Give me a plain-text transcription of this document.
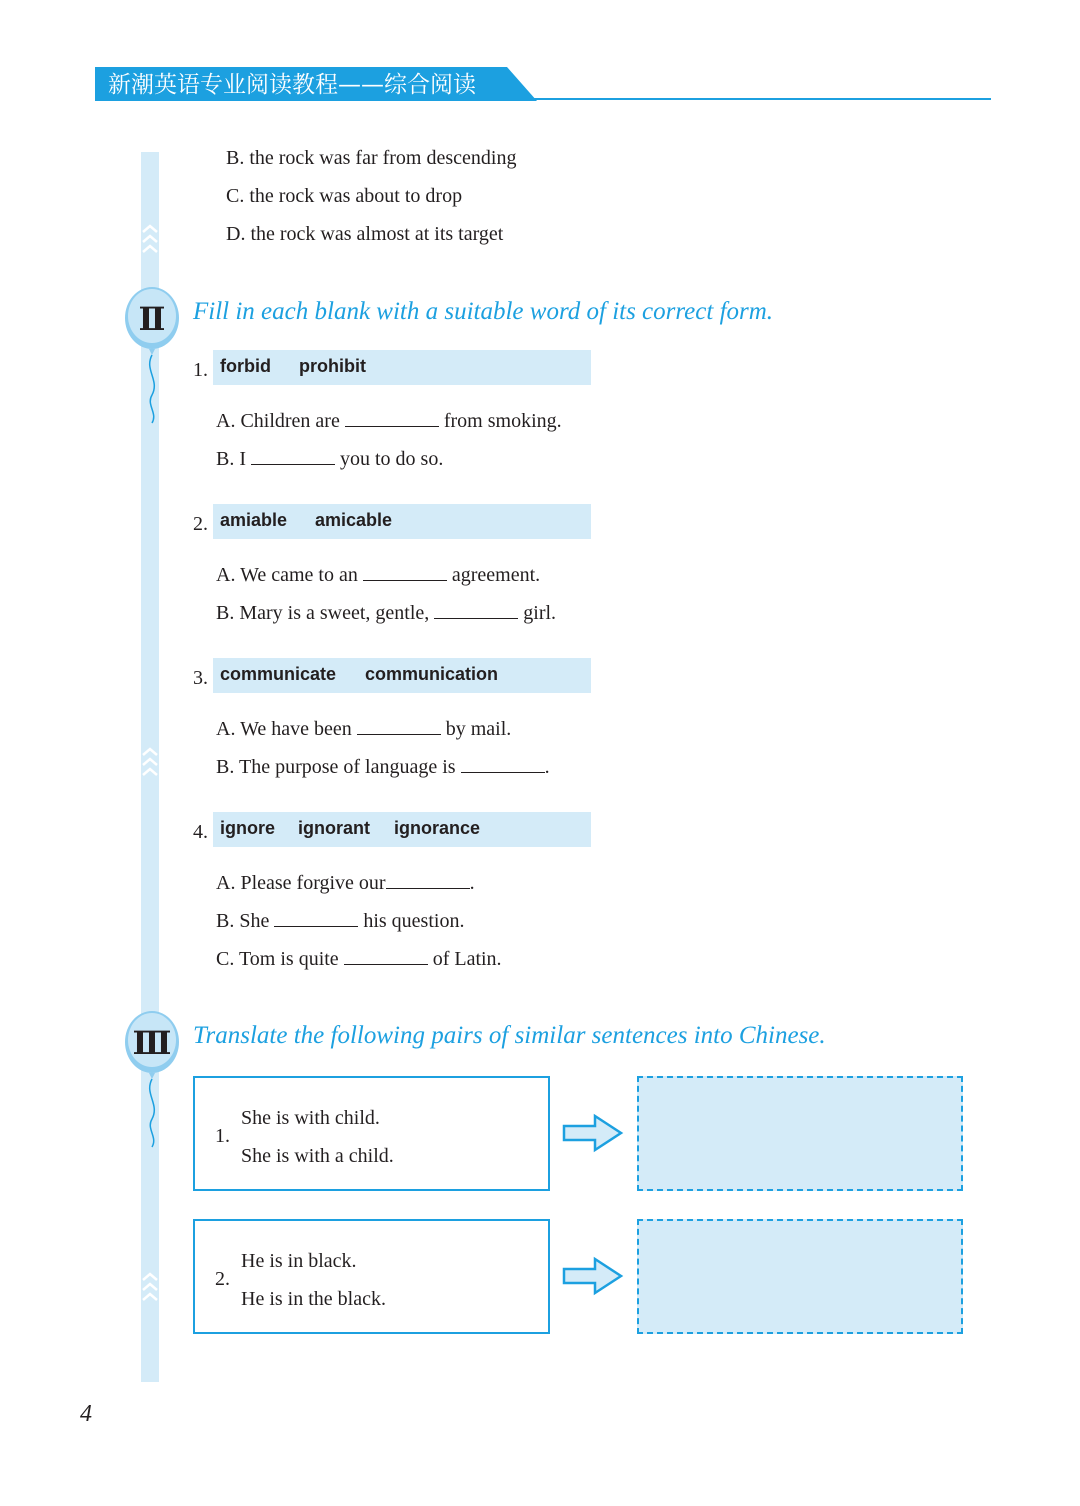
新潮英语专业阅读教程——综合阅读
B. the rock was far from descending
C. the rock was about to drop
D. the rock was almost at its target
Ⅱ	Fill in each blank with a suitable word of its correct form.
1. forbid prohibit
A. Children are	from smoking.
B. I	you to do so.
2. amiable amicable
A. We came to an	agreement.
B. Mary is a sweet, gentle,	girl.
3. communicate communication
A. We have been	by mail.
B. The purpose of language is	.
4. ignore ignorant ignorance
A. Please forgive our	.
B. She	his question.
C. Tom is quite	of Latin.
Ⅲ Translate the following pairs of similar sentences into Chinese.
1.
She is with child.
She is with a child.
2.
He is in black.
He is in the black.
4
